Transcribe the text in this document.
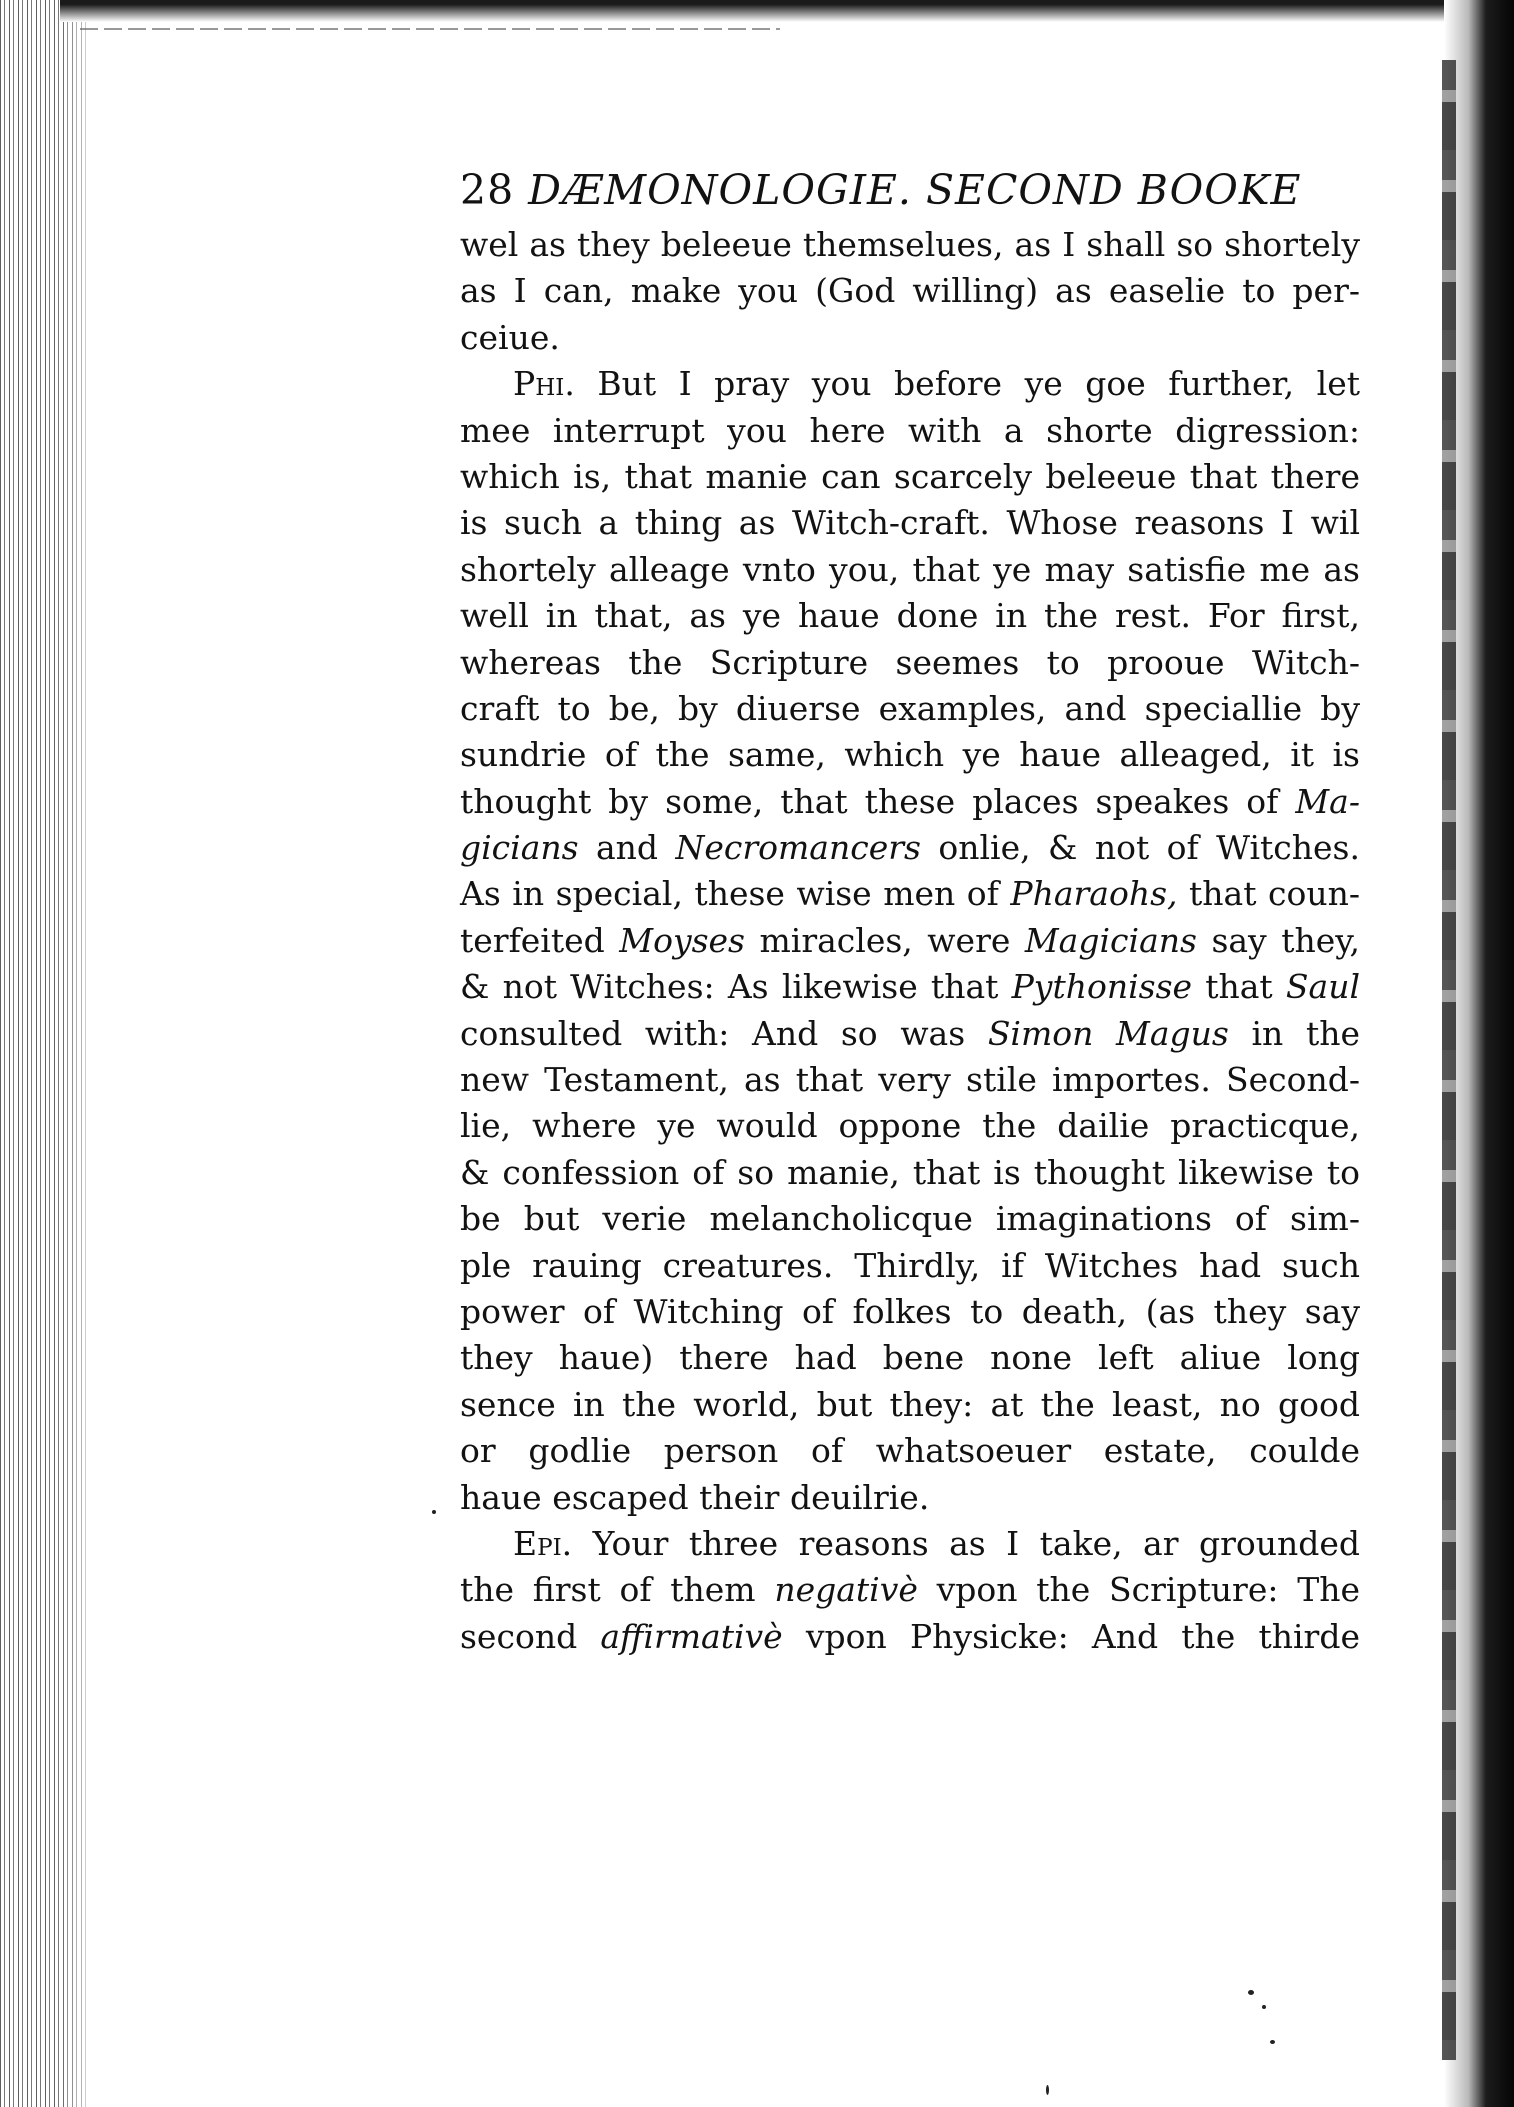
28 DÆMONOLOGIE. SECOND BOOKE
wel as they beleeue themselues, as I shall so shortely
as I can, make you (God willing) as easelie to per-
ceiue.
Phi. But I pray you before ye goe further, let
mee interrupt you here with a shorte digression:
which is, that manie can scarcely beleeue that there
is such a thing as Witch-craft. Whose reasons I wil
shortely alleage vnto you, that ye may satisfie me as
well in that, as ye haue done in the rest. For first,
whereas the Scripture seemes to prooue Witch-
craft to be, by diuerse examples, and speciallie by
sundrie of the same, which ye haue alleaged, it is
thought by some, that these places speakes of Ma-
gicians and Necromancers onlie, & not of Witches.
As in special, these wise men of Pharaohs, that coun-
terfeited Moyses miracles, were Magicians say they,
& not Witches: As likewise that Pythonisse that Saul
consulted with: And so was Simon Magus in the
new Testament, as that very stile importes. Second-
lie, where ye would oppone the dailie practicque,
& confession of so manie, that is thought likewise to
be but verie melancholicque imaginations of sim-
ple rauing creatures. Thirdly, if Witches had such
power of Witching of folkes to death, (as they say
they haue) there had bene none left aliue long
sence in the world, but they: at the least, no good
or godlie person of whatsoeuer estate, coulde
haue escaped their deuilrie.
Epi. Your three reasons as I take, ar grounded
the first of them negativè vpon the Scripture: The
second affirmativè vpon Physicke: And the thirde
